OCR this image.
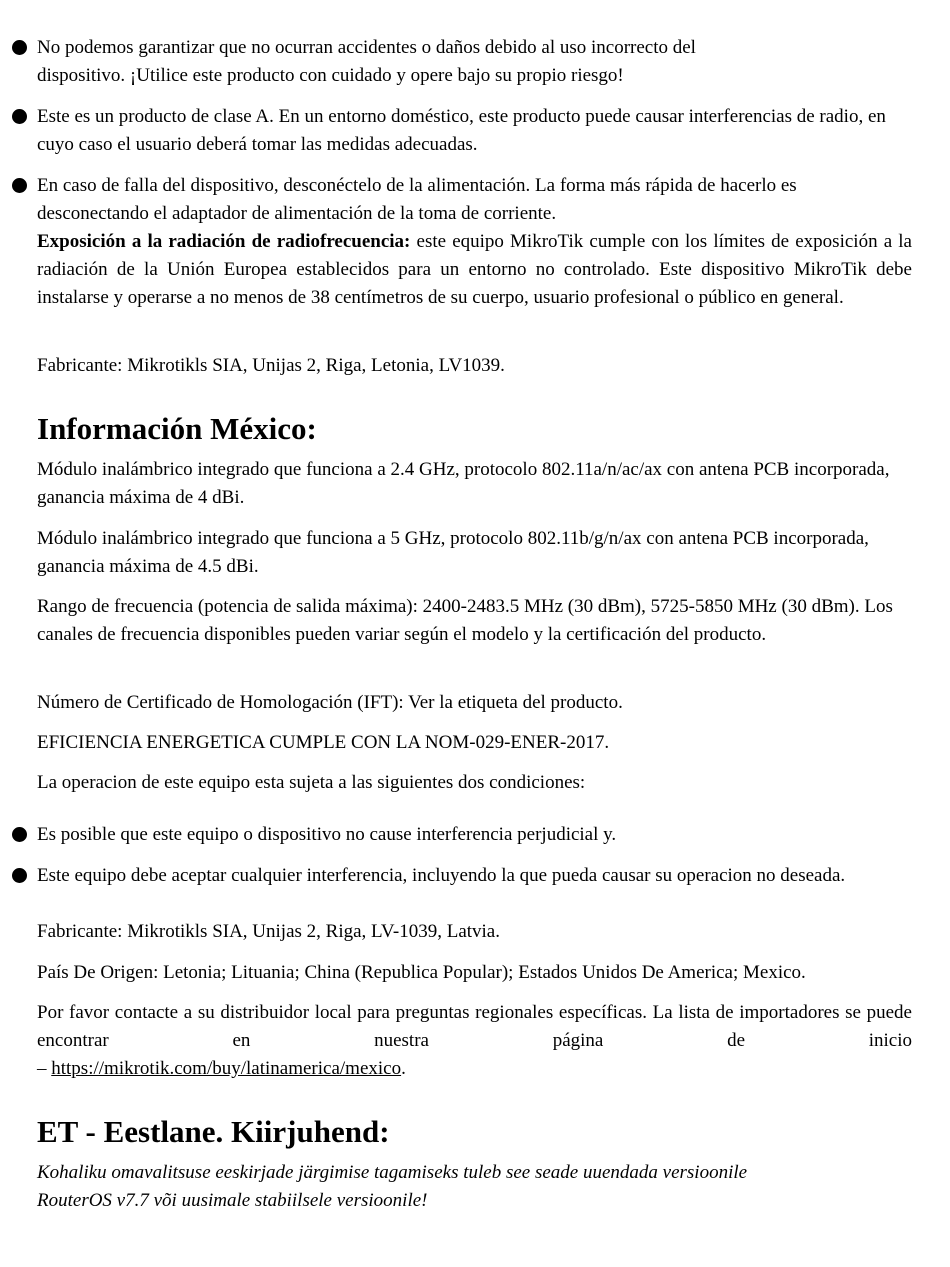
No podemos garantizar que no ocurran accidentes o daños debido al uso incorrecto del
dispositivo. ¡Utilice este producto con cuidado y opere bajo su propio riesgo!

Este es un producto de clase A. En un entorno doméstico, este producto puede causar interferencias de radio, en cuyo caso el usuario deberá tomar las medidas adecuadas.

En caso de falla del dispositivo, desconéctelo de la alimentación. La forma más rápida de hacerlo es desconectando el adaptador de alimentación de la toma de corriente.

Exposición a la radiación de radiofrecuencia: este equipo MikroTik cumple con los límites de exposición a la radiación de la Unión Europea establecidos para un entorno no controlado. Este dispositivo MikroTik debe instalarse y operarse a no menos de 38 centímetros de su cuerpo, usuario profesional o público en general.

Fabricante: Mikrotikls SIA, Unijas 2, Riga, Letonia, LV1039.

Información México:

Módulo inalámbrico integrado que funciona a 2.4 GHz, protocolo 802.11a/n/ac/ax con antena PCB incorporada, ganancia máxima de 4 dBi.

Módulo inalámbrico integrado que funciona a 5 GHz, protocolo 802.11b/g/n/ax con antena PCB incorporada, ganancia máxima de 4.5 dBi.

Rango de frecuencia (potencia de salida máxima): 2400-2483.5 MHz (30 dBm), 5725-5850 MHz (30 dBm). Los canales de frecuencia disponibles pueden variar según el modelo y la certificación del producto.

Número de Certificado de Homologación (IFT): Ver la etiqueta del producto.

EFICIENCIA ENERGETICA CUMPLE CON LA NOM-029-ENER-2017.

La operacion de este equipo esta sujeta a las siguientes dos condiciones:

Es posible que este equipo o dispositivo no cause interferencia perjudicial y.

Este equipo debe aceptar cualquier interferencia, incluyendo la que pueda causar su operacion no deseada.

Fabricante: Mikrotikls SIA, Unijas 2, Riga, LV-1039, Latvia.

País De Origen: Letonia; Lituania; China (Republica Popular); Estados Unidos De America; Mexico.

Por favor contacte a su distribuidor local para preguntas regionales específicas. La lista de importadores se puede encontrar en nuestra página de inicio

– https://mikrotik.com/buy/latinamerica/mexico.

ET - Eestlane. Kiirjuhend:

Kohaliku omavalitsuse eeskirjade järgimise tagamiseks tuleb see seade uuendada versioonile
RouterOS v7.7 või uusimale stabiilsele versioonile!
